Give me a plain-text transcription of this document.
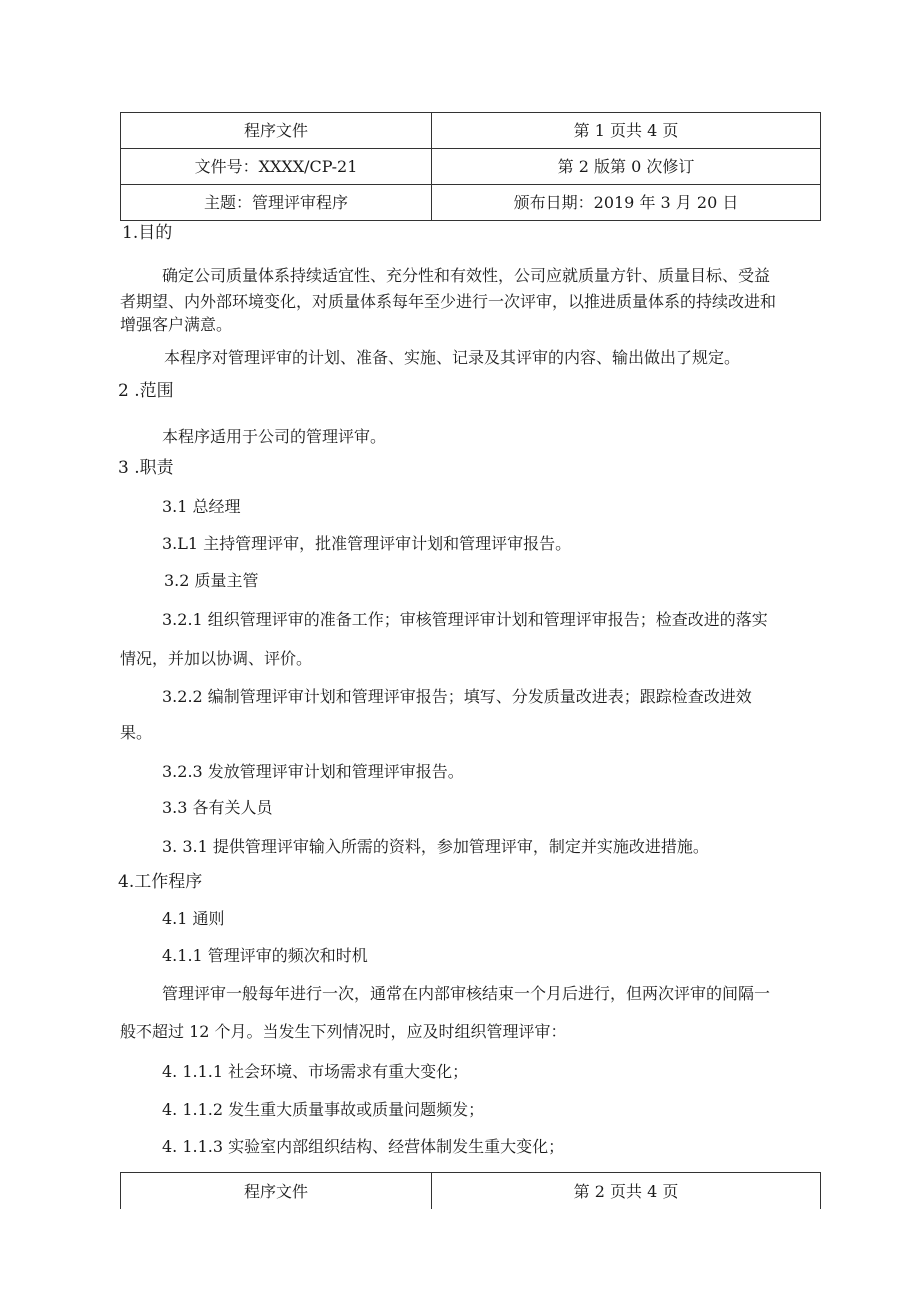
程序文件	第 1 页共 4 页
文件号：XXXX/CP-21	第 2 版第 0 次修订
主题：管理评审程序	颁布日期：2019 年 3 月 20 日
1.目的
确定公司质量体系持续适宜性、充分性和有效性，公司应就质量方针、质量目标、受益
者期望、内外部环境变化，对质量体系每年至少进行一次评审，以推进质量体系的持续改进和
增强客户满意。
本程序对管理评审的计划、准备、实施、记录及其评审的内容、输出做出了规定。
2 .范围
本程序适用于公司的管理评审。
3 .职责
3.1 总经理
3.L1 主持管理评审，批准管理评审计划和管理评审报告。
3.2 质量主管
3.2.1 组织管理评审的准备工作；审核管理评审计划和管理评审报告；检查改进的落实
情况，并加以协调、评价。
3.2.2 编制管理评审计划和管理评审报告；填写、分发质量改进表；跟踪检查改进效
果。
3.2.3 发放管理评审计划和管理评审报告。
3.3 各有关人员
3. 3.1 提供管理评审输入所需的资料，参加管理评审，制定并实施改进措施。
4.工作程序
4.1 通则
4.1.1 管理评审的频次和时机
管理评审一般每年进行一次，通常在内部审核结束一个月后进行，但两次评审的间隔一
般不超过 12 个月。当发生下列情况时，应及时组织管理评审：
4. 1.1.1 社会环境、市场需求有重大变化；
4. 1.1.2 发生重大质量事故或质量问题频发；
4. 1.1.3 实验室内部组织结构、经营体制发生重大变化；
程序文件	第 2 页共 4 页
